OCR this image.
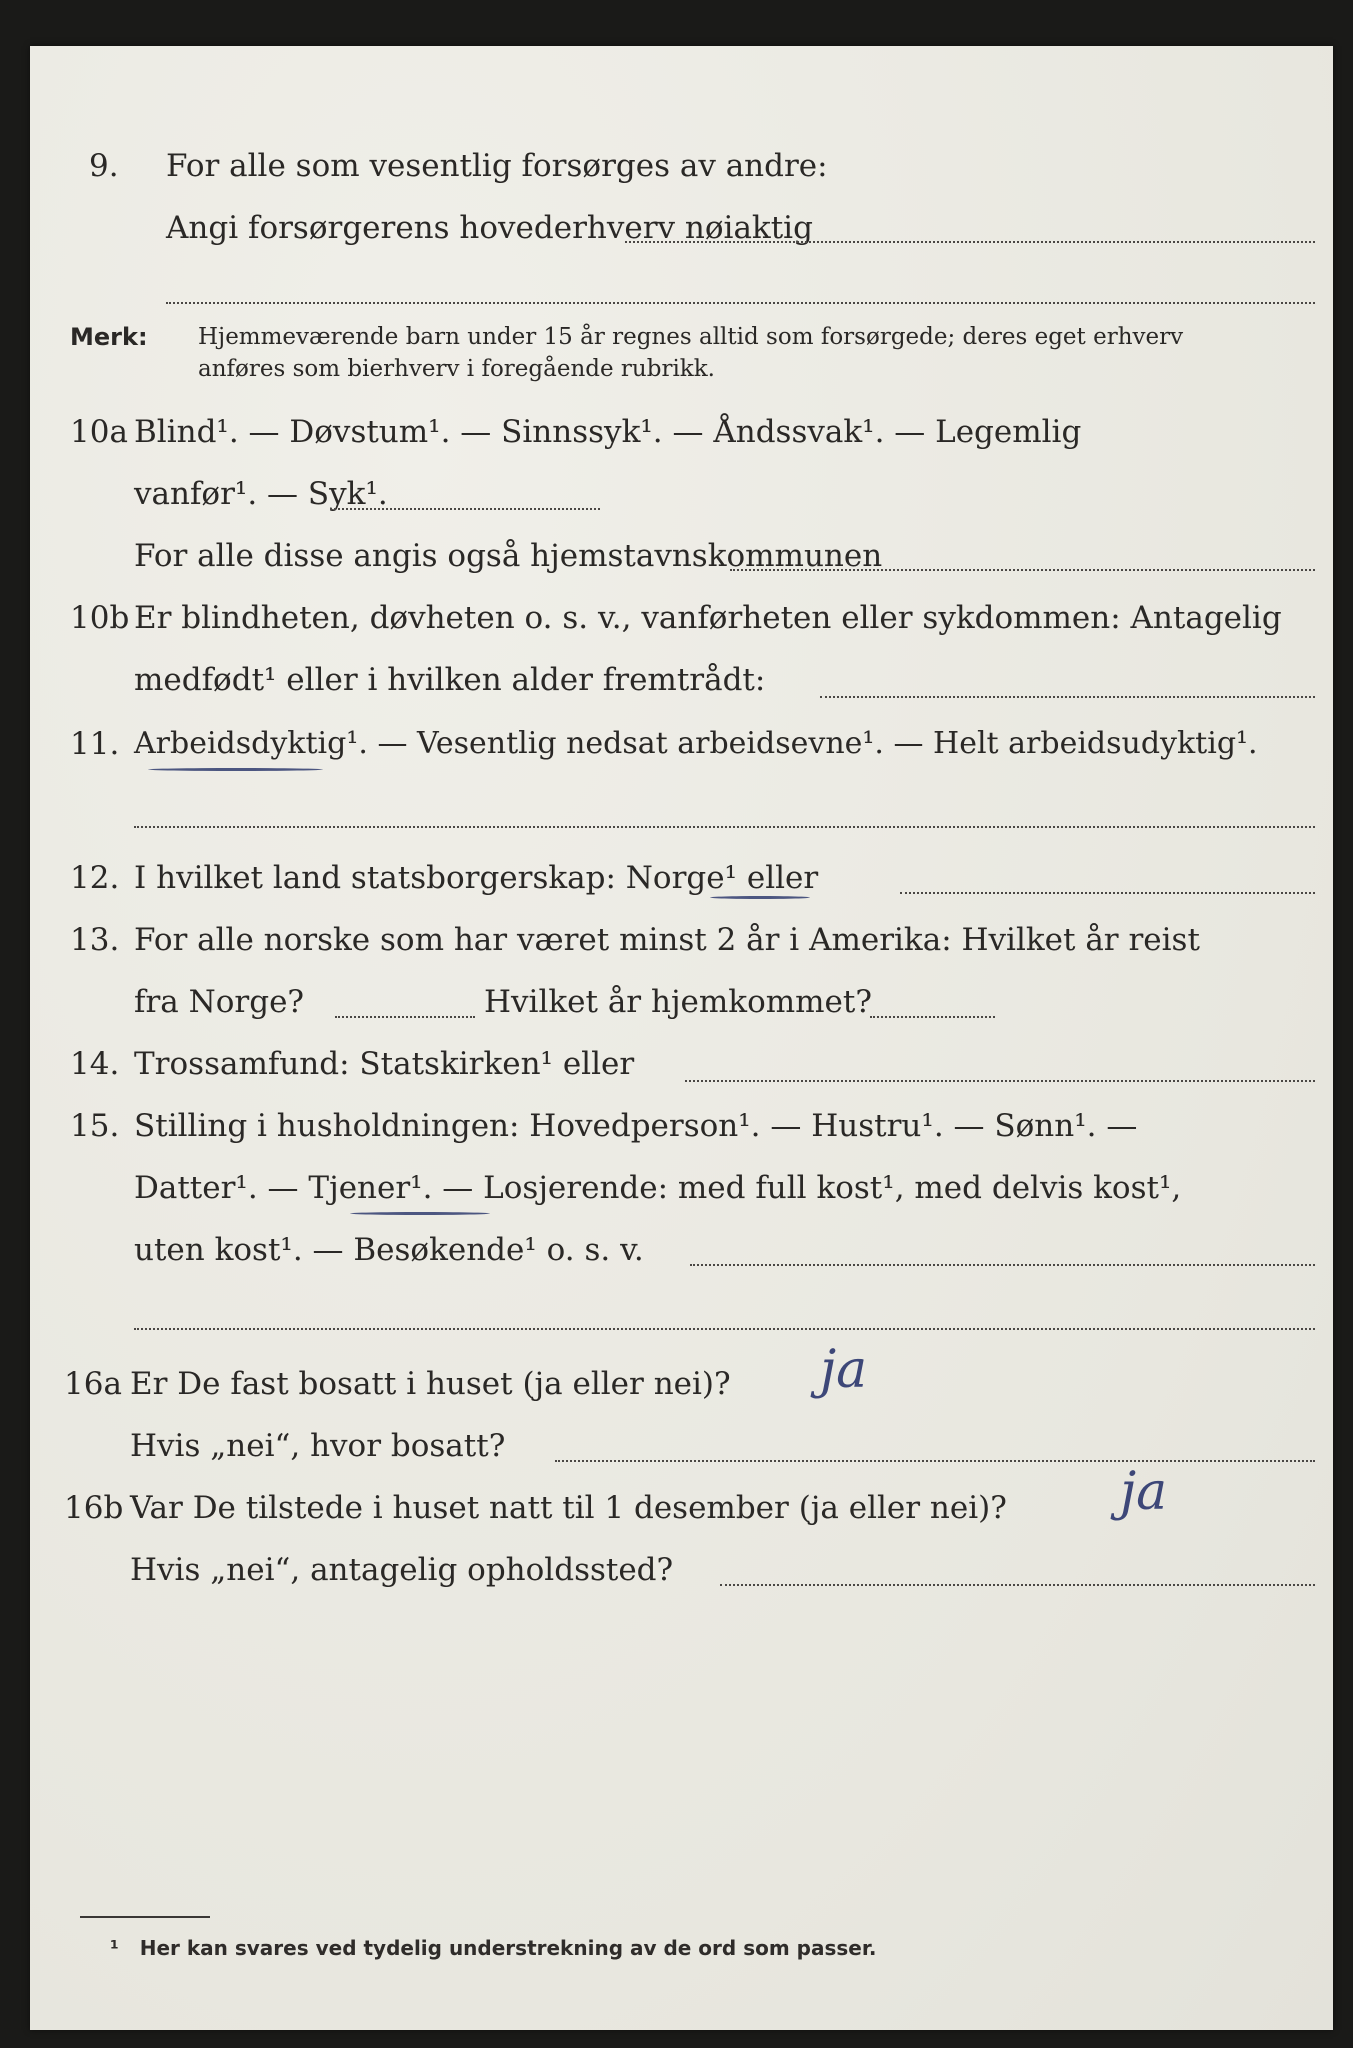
9.	For alle som vesentlig forsørges av andre:
Angi forsørgerens hovederhverv nøiaktig
Merk:	Hjemmeværende barn under 15 år regnes alltid som forsørgede; deres eget erhverv
anføres som bierhverv i foregående rubrikk.
10a Blind¹. — Døvstum¹. — Sinnssyk¹. — Åndssvak¹. — Legemlig
vanfør¹. — Syk¹.
For alle disse angis også hjemstavnskommunen
10b Er blindheten, døvheten o. s. v., vanførheten eller sykdommen: Antagelig
medfødt¹ eller i hvilken alder fremtrådt:
11. Arbeidsdyktig¹. — Vesentlig nedsat arbeidsevne¹. — Helt arbeidsudyktig¹.
12. I hvilket land statsborgerskap: Norge¹ eller
13. For alle norske som har været minst 2 år i Amerika: Hvilket år reist
fra Norge?	Hvilket år hjemkommet?
14. Trossamfund: Statskirken¹ eller
15. Stilling i husholdningen: Hovedperson¹. — Hustru¹. — Sønn¹. —
Datter¹. — Tjener¹. — Losjerende: med full kost¹, med delvis kost¹,
uten kost¹. — Besøkende¹ o. s. v.
16a Er De fast bosatt i huset (ja eller nei)? ja
Hvis „nei“, hvor bosatt?
16b Var De tilstede i huset natt til 1 desember (ja eller nei)? ja
Hvis „nei“, antagelig opholdssted?
¹ Her kan svares ved tydelig understrekning av de ord som passer.
